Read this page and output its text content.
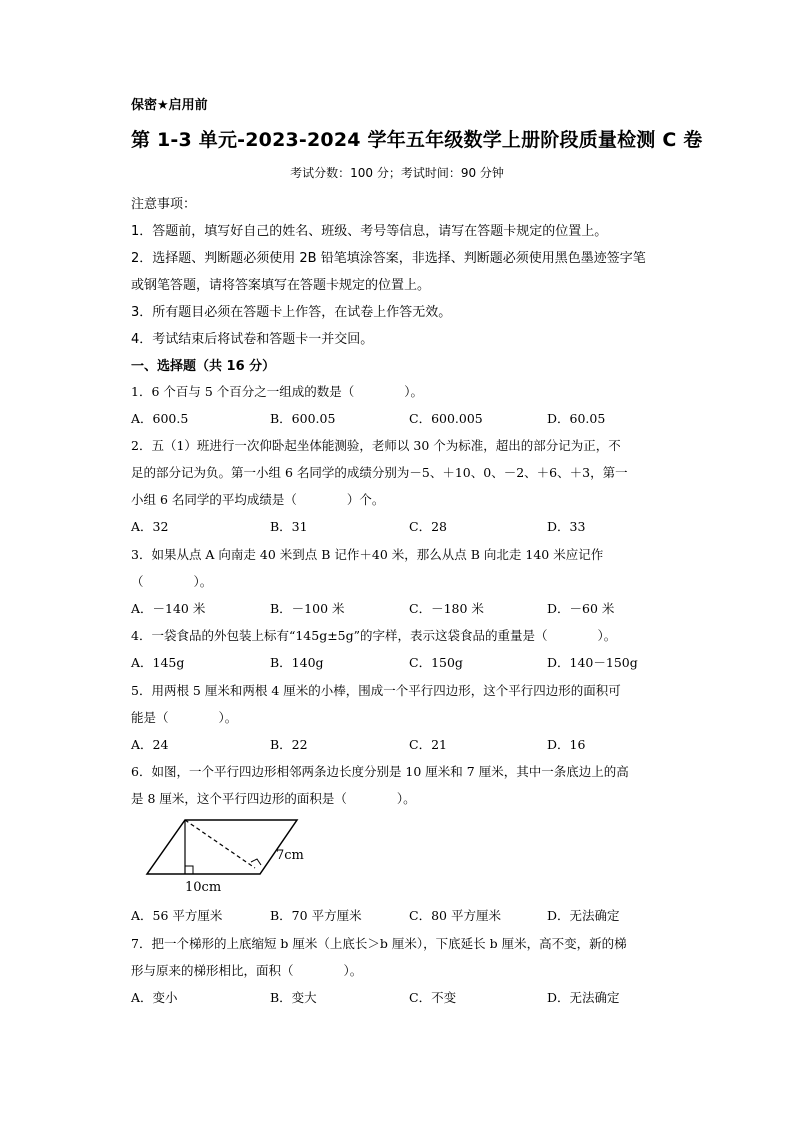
保密★启用前
第 1-3 单元-2023-2024 学年五年级数学上册阶段质量检测 C 卷
考试分数：100 分；考试时间：90 分钟
注意事项：
1．答题前，填写好自己的姓名、班级、考号等信息，请写在答题卡规定的位置上。
2．选择题、判断题必须使用 2B 铅笔填涂答案，非选择、判断题必须使用黑色墨迹签字笔
或钢笔答题，请将答案填写在答题卡规定的位置上。
3．所有题目必须在答题卡上作答，在试卷上作答无效。
4．考试结束后将试卷和答题卡一并交回。
一、选择题（共 16 分）
1．6 个百与 5 个百分之一组成的数是（　　　　）。
A．600.5	B．600.05	C．600.005	D．60.05
2．五（1）班进行一次仰卧起坐体能测验，老师以 30 个为标准，超出的部分记为正，不
足的部分记为负。第一小组 6 名同学的成绩分别为－5、＋10、0、－2、＋6、＋3，第一
小组 6 名同学的平均成绩是（　　　　）个。
A．32	B．31	C．28	D．33
3．如果从点 A 向南走 40 米到点 B 记作＋40 米，那么从点 B 向北走 140 米应记作
（　　　　）。
A．－140 米	B．－100 米	C．－180 米	D．－60 米
4．一袋食品的外包装上标有“145g±5g”的字样，表示这袋食品的重量是（　　　　）。
A．145g	B．140g	C．150g	D．140－150g
5．用两根 5 厘米和两根 4 厘米的小棒，围成一个平行四边形，这个平行四边形的面积可
能是（　　　　）。
A．24	B．22	C．21	D．16
6．如图，一个平行四边形相邻两条边长度分别是 10 厘米和 7 厘米，其中一条底边上的高
是 8 厘米，这个平行四边形的面积是（　　　　）。
7cm
10cm
A．56 平方厘米	B．70 平方厘米	C．80 平方厘米	D．无法确定
7．把一个梯形的上底缩短 b 厘米（上底长＞b 厘米），下底延长 b 厘米，高不变，新的梯
形与原来的梯形相比，面积（　　　　）。
A．变小	B．变大	C．不变	D．无法确定
